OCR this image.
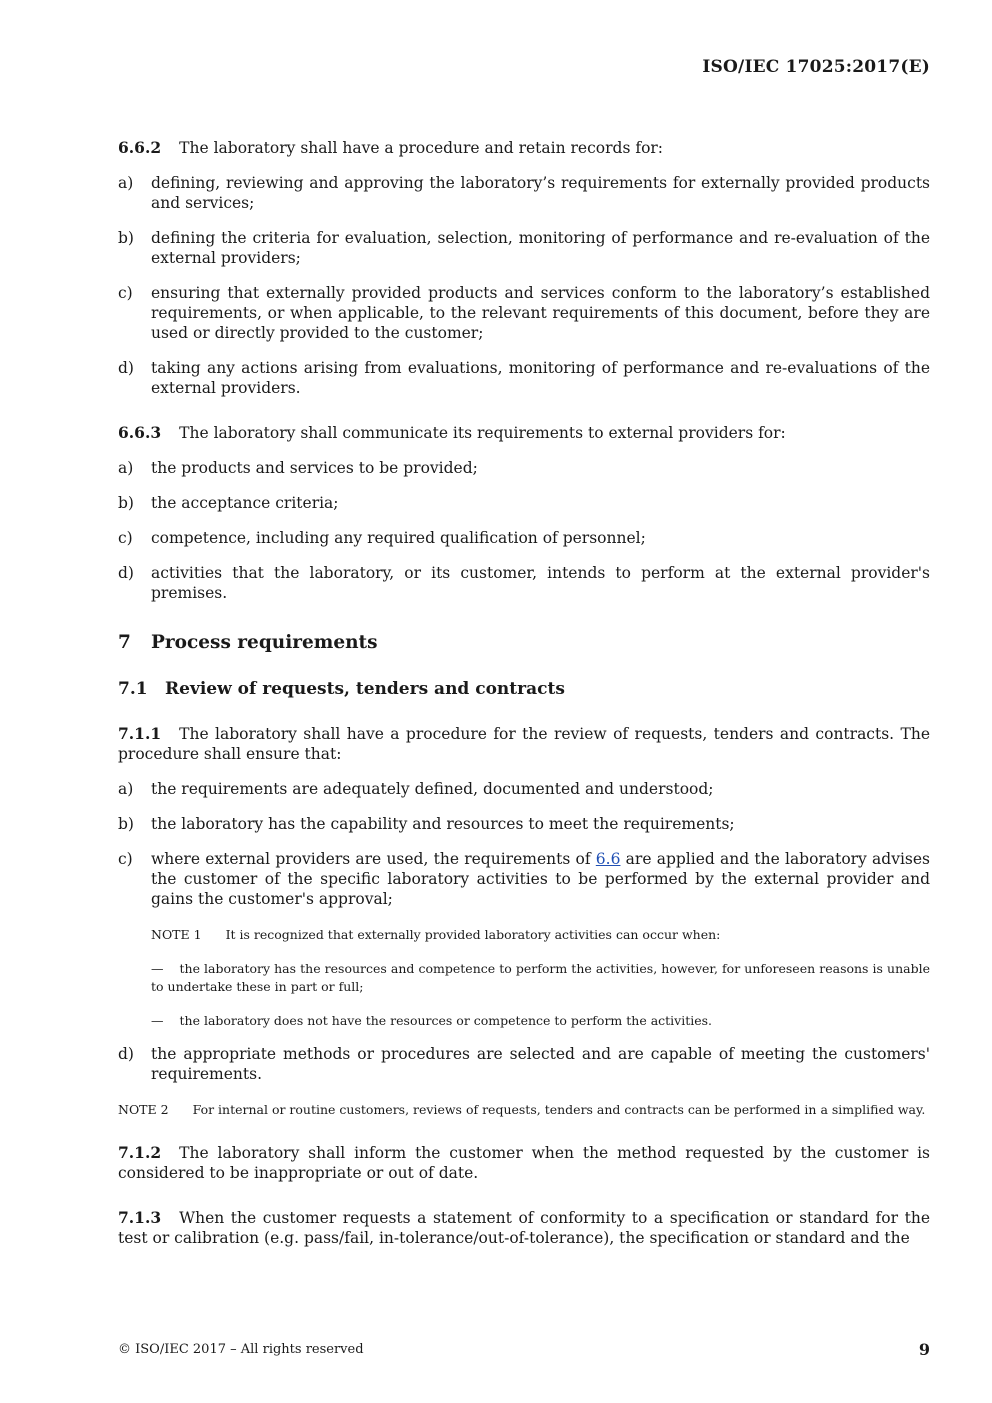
ISO/IEC 17025:2017(E)

6.6.2 The laboratory shall have a procedure and retain records for:

a)	defining, reviewing and approving the laboratory’s requirements for externally provided products and services;
b)	defining the criteria for evaluation, selection, monitoring of performance and re-evaluation of the external providers;
c)	ensuring that externally provided products and services conform to the laboratory’s established requirements, or when applicable, to the relevant requirements of this document, before they are used or directly provided to the customer;
d)	taking any actions arising from evaluations, monitoring of performance and re-evaluations of the external providers.

6.6.3 The laboratory shall communicate its requirements to external providers for:

a)	the products and services to be provided;
b)	the acceptance criteria;
c)	competence, including any required qualification of personnel;
d)	activities that the laboratory, or its customer, intends to perform at the external provider's premises.
7 Process requirements
7.1 Review of requests, tenders and contracts

7.1.1 The laboratory shall have a procedure for the review of requests, tenders and contracts. The procedure shall ensure that:

a)	the requirements are adequately defined, documented and understood;
b)	the laboratory has the capability and resources to meet the requirements;
c)	where external providers are used, the requirements of 6.6 are applied and the laboratory advises the customer of the specific laboratory activities to be performed by the external provider and gains the customer's approval;
NOTE 1 It is recognized that externally provided laboratory activities can occur when:
— the laboratory has the resources and competence to perform the activities, however, for unforeseen reasons is unable to undertake these in part or full;
— the laboratory does not have the resources or competence to perform the activities.
d)	the appropriate methods or procedures are selected and are capable of meeting the customers' requirements.
NOTE 2 For internal or routine customers, reviews of requests, tenders and contracts can be performed in a simplified way.

7.1.2 The laboratory shall inform the customer when the method requested by the customer is considered to be inappropriate or out of date.

7.1.3 When the customer requests a statement of conformity to a specification or standard for the test or calibration (e.g. pass/fail, in-tolerance/out-of-tolerance), the specification or standard and the

© ISO/IEC 2017 – All rights reserved	9
